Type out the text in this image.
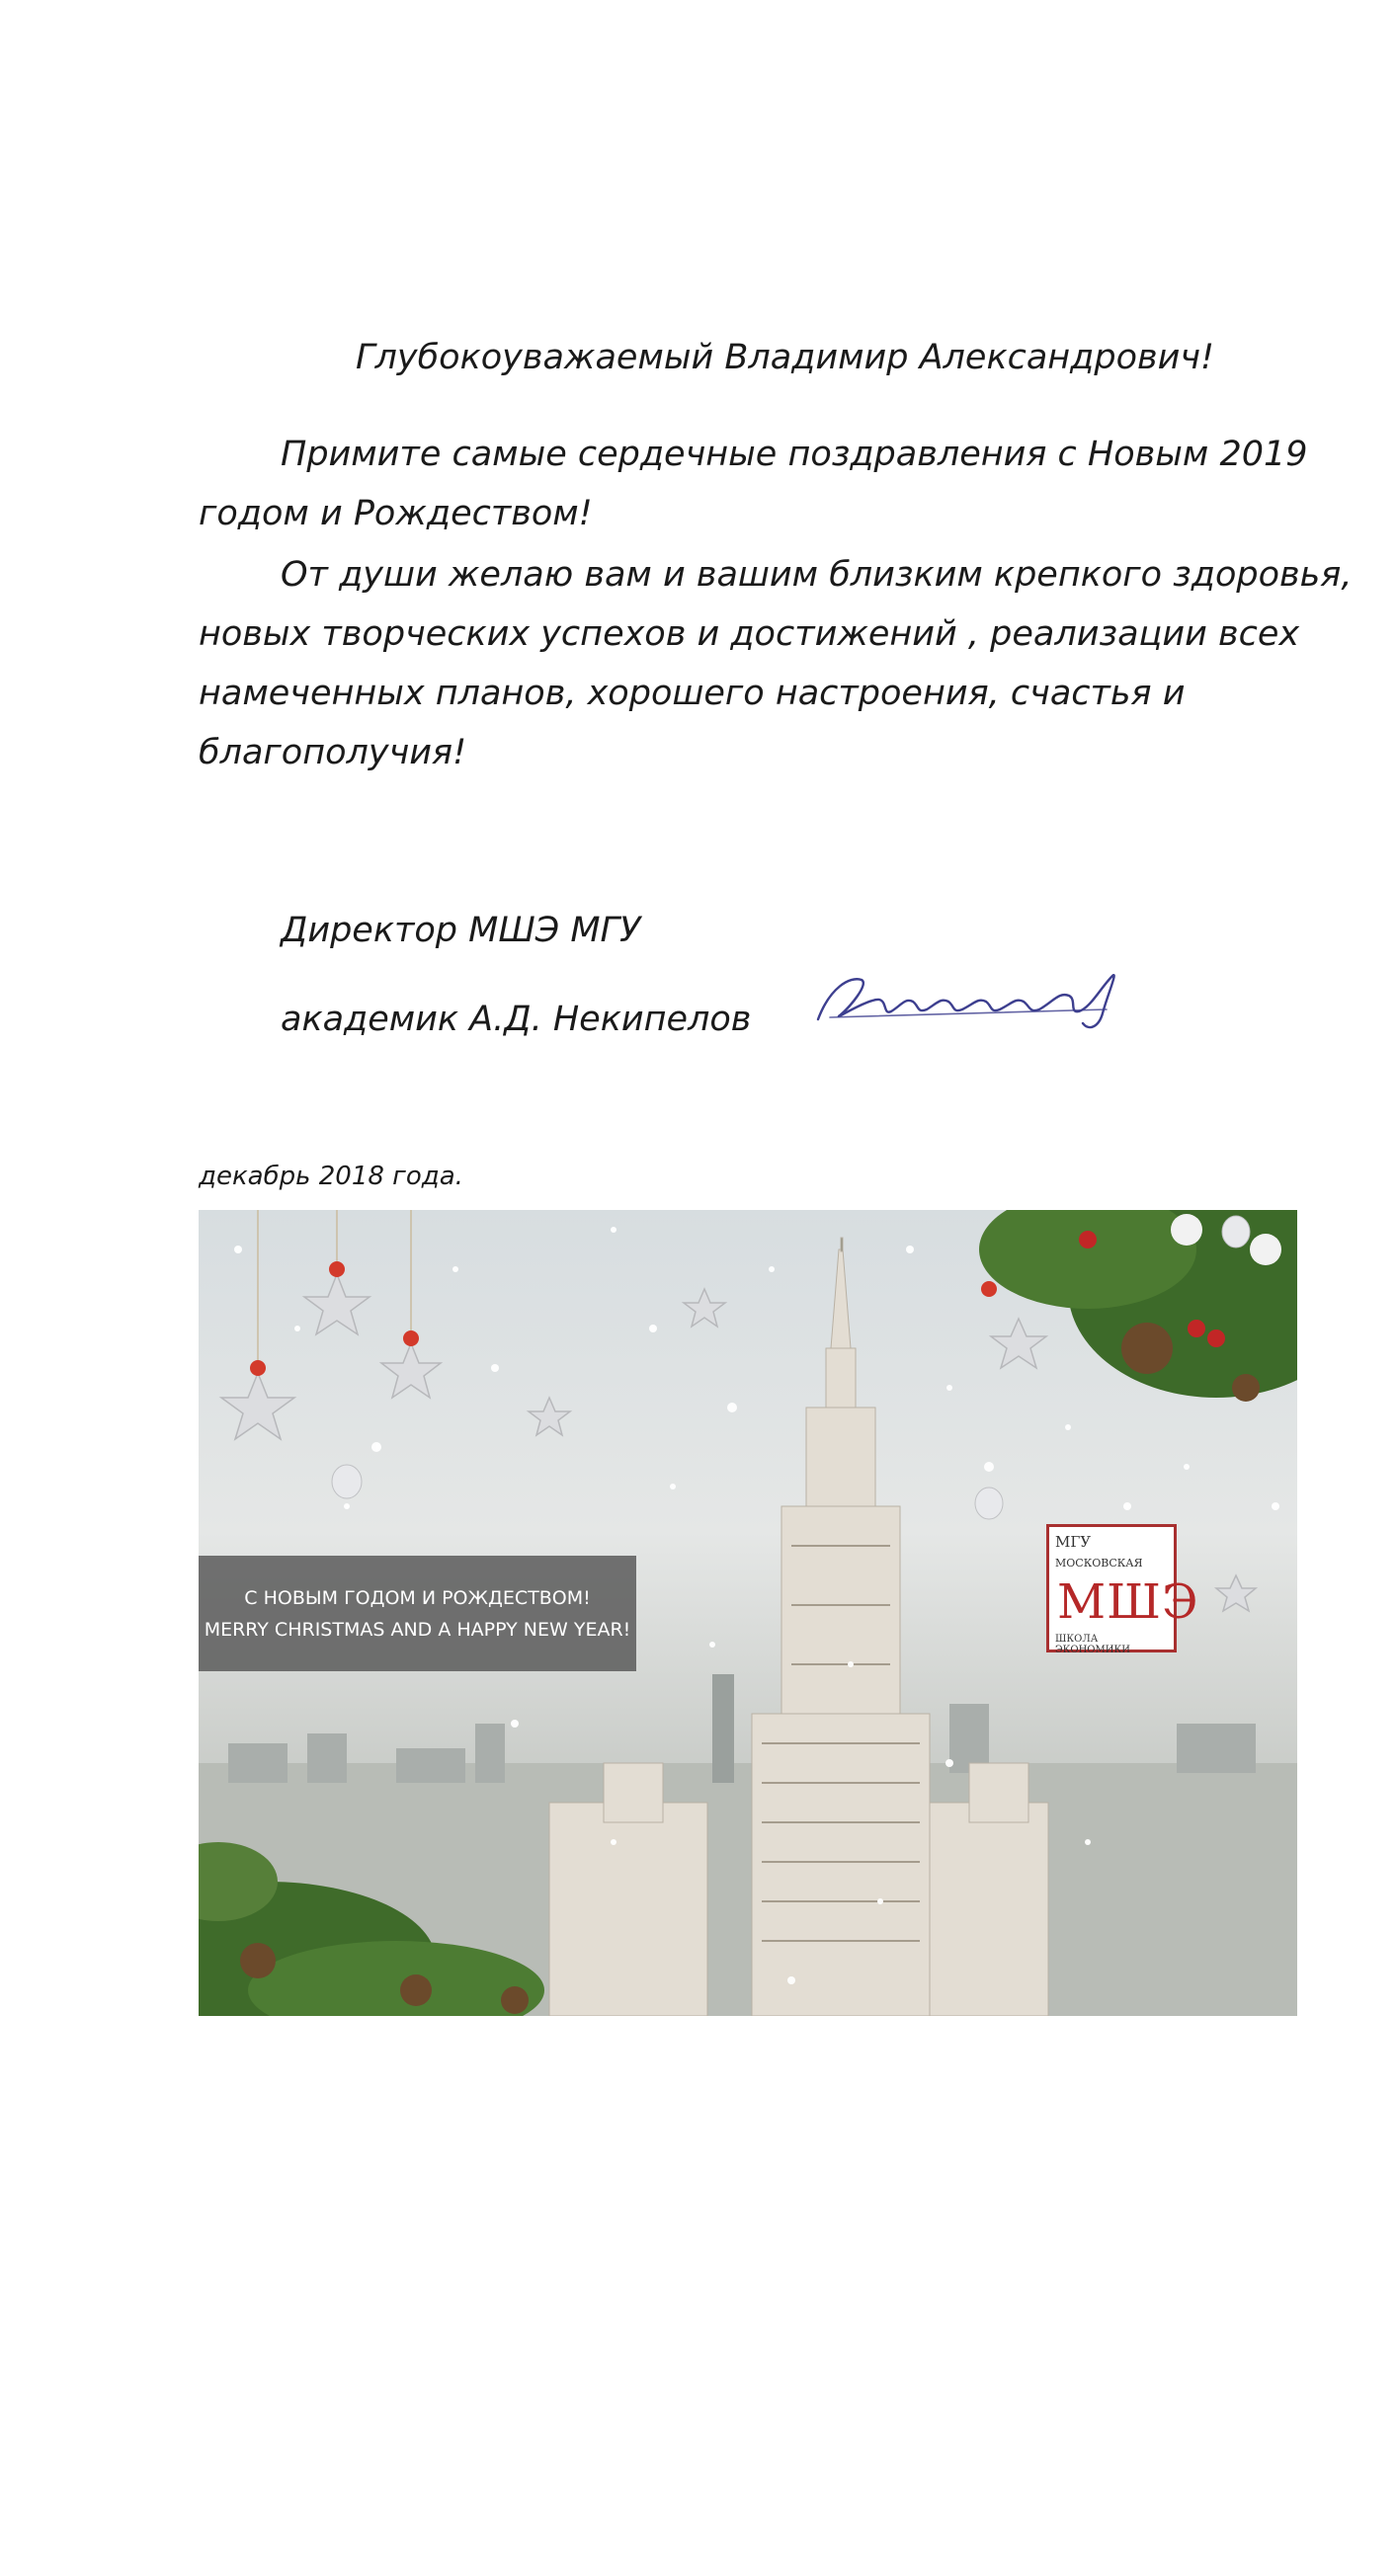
Глубокоуважаемый Владимир Александрович!
Примите самые сердечные поздравления с Новым 2019
годом и Рождеством!
От души желаю вам и вашим близким крепкого здоровья,
новых творческих успехов и достижений , реализации всех
намеченных планов, хорошего настроения, счастья и
благополучия!
Директор МШЭ МГУ
академик А.Д. Некипелов
декабрь 2018 года.
С НОВЫМ ГОДОМ И РОЖДЕСТВОМ!
MERRY CHRISTMAS AND A HAPPY NEW YEAR!
МГУ
МОСКОВСКАЯ
МШЭ
ШКОЛА ЭКОНОМИКИ
